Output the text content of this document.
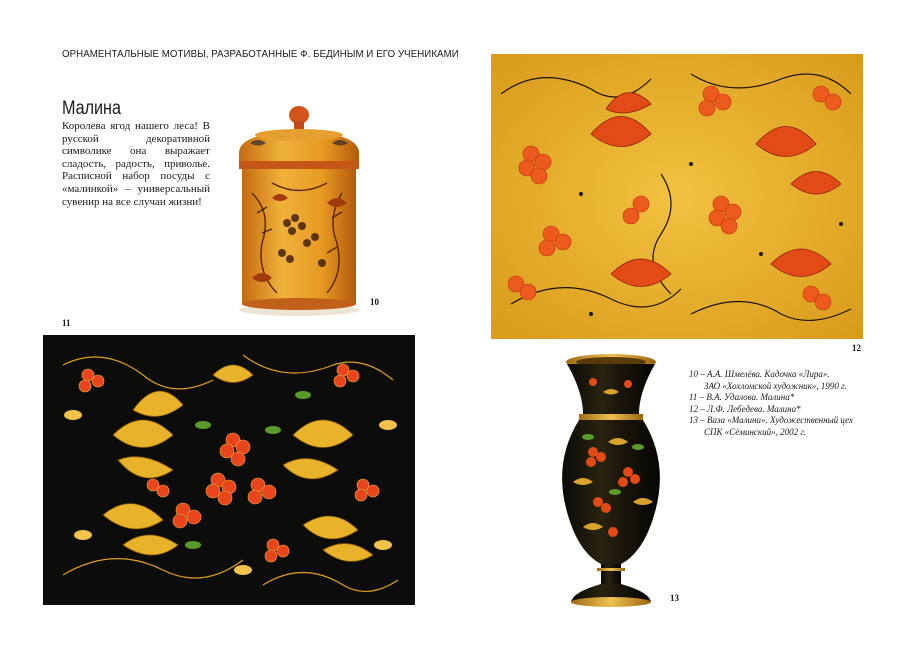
ОРНАМЕНТАЛЬНЫЕ МОТИВЫ, РАЗРАБОТАННЫЕ Ф. БЕДИНЫМ И ЕГО УЧЕНИКАМИ
Малина

Королева ягод нашего леса! В русской декоративной символике она выражает сладость, радость, приволье. Расписной набор посуды с «малинкой» – универсальный сувенир на все случаи жизни!

10
11
12
13
10 – А.А. Шмелёва. Кадочка «Лира».
ЗАО «Хохломской художник», 1990 г.
11 – В.А. Удалова. Малина*
12 – Л.Ф. Лебедева. Малина*
13 – Ваза «Малина». Художественный цех
СПК «Сёминский», 2002 г.
